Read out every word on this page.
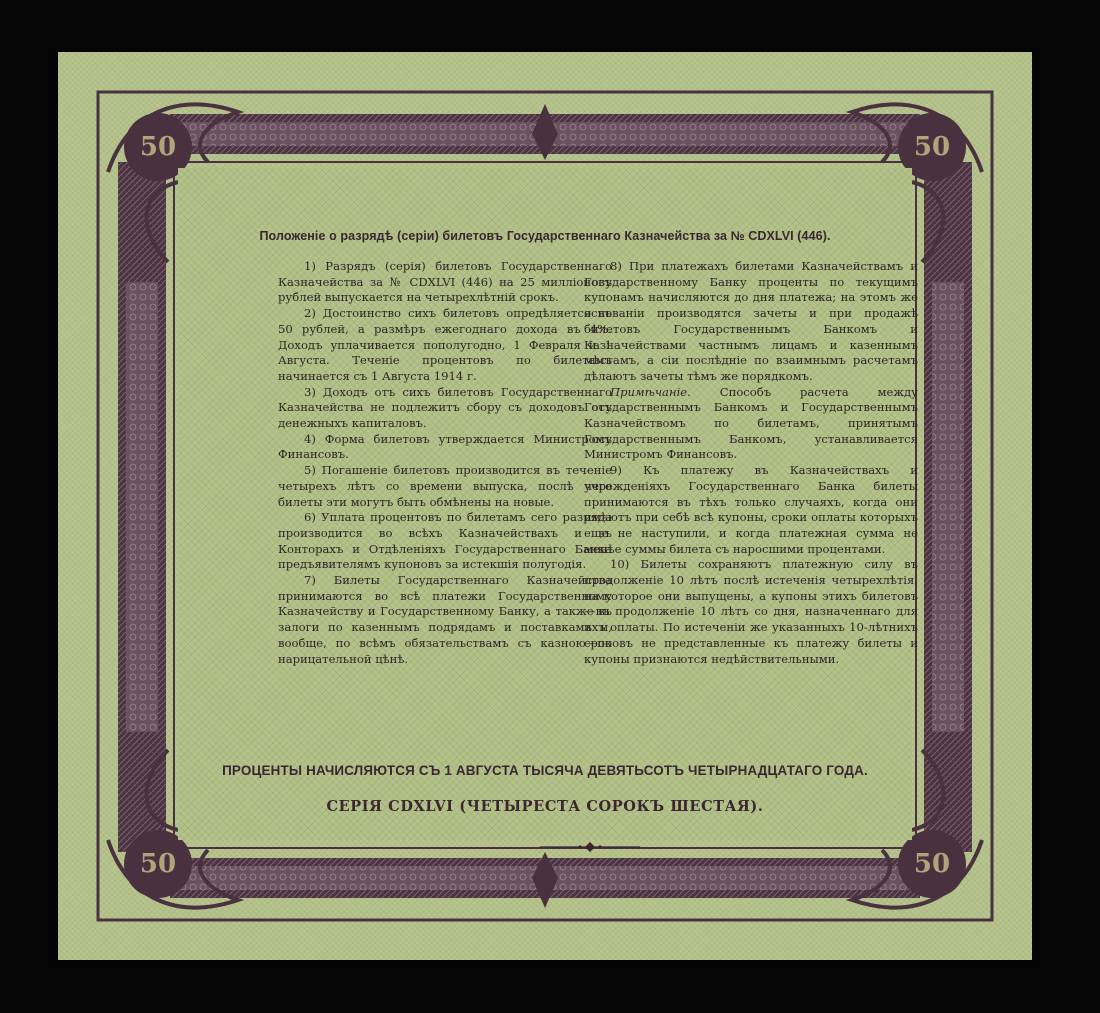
50	50
50	50
Положеніе о разрядѣ (серіи) билетовъ Государственнаго Казначейства за № CDXLVI (446).

1) Разрядъ (серія) билетовъ Государственнаго Казначейства за № CDXLVI (446) на 25 милліоновъ рублей выпускается на четырехлѣтній срокъ.

2) Достоинство сихъ билетовъ опредѣляется въ 50 рублей, а размѣръ ежегоднаго дохода въ 4%. Доходъ уплачивается пополугодно, 1 Февраля и 1 Августа. Теченіе процентовъ по билетамъ начинается съ 1 Августа 1914 г.

3) Доходъ отъ сихъ билетовъ Государственнаго Казначейства не подлежитъ сбору съ доходовъ отъ денежныхъ капиталовъ.

4) Форма билетовъ утверждается Министромъ Финансовъ.

5) Погашеніе билетовъ производится въ теченіе четырехъ лѣтъ со времени выпуска, послѣ чего билеты эти могутъ быть обмѣнены на новые.

6) Уплата процентовъ по билетамъ сего разряда производится во всѣхъ Казначействахъ и въ Конторахъ и Отдѣленіяхъ Государственнаго Банка предъявителямъ купоновъ за истекшія полугодія.

7) Билеты Государственнаго Казначейства принимаются во всѣ платежи Государственному Казначейству и Государственному Банку, а также въ залоги по казеннымъ подрядамъ и поставкамъ и, вообще, по всѣмъ обязательствамъ съ казною—по нарицательной цѣнѣ.

8) При платежахъ билетами Казначействамъ и Государственному Банку проценты по текущимъ купонамъ начисляются до дня платежа; на этомъ же основаніи производятся зачеты и при продажѣ билетовъ Государственнымъ Банкомъ и Казначействами частнымъ лицамъ и казеннымъ мѣстамъ, а сіи послѣдніе по взаимнымъ расчетамъ дѣлаютъ зачеты тѣмъ же порядкомъ.

Примѣчаніе. Способъ расчета между Государственнымъ Банкомъ и Государственнымъ Казначействомъ по билетамъ, принятымъ Государственнымъ Банкомъ, устанавливается Министромъ Финансовъ.

9) Къ платежу въ Казначействахъ и учрежденіяхъ Государственнаго Банка билеты принимаются въ тѣхъ только случаяхъ, когда они имѣютъ при себѣ всѣ купоны, сроки оплаты которыхъ еще не наступили, и когда платежная сумма не менѣе суммы билета съ наросшими процентами.

10) Билеты сохраняютъ платежную силу въ продолженіе 10 лѣтъ послѣ истеченія четырехлѣтія, на которое они выпущены, а купоны этихъ билетовъ—въ продолженіе 10 лѣтъ со дня, назначеннаго для ихъ оплаты. По истеченіи же указанныхъ 10-лѣтнихъ сроковъ не представленные къ платежу билеты и купоны признаются недѣйствительными.

ПРОЦЕНТЫ НАЧИСЛЯЮТСЯ СЪ 1 АВГУСТА ТЫСЯЧА ДЕВЯТЬСОТЪ ЧЕТЫРНАДЦАТАГО ГОДА.

СЕРІЯ CDXLVI (ЧЕТЫРЕСТА СОРОКЪ ШЕСТАЯ).
